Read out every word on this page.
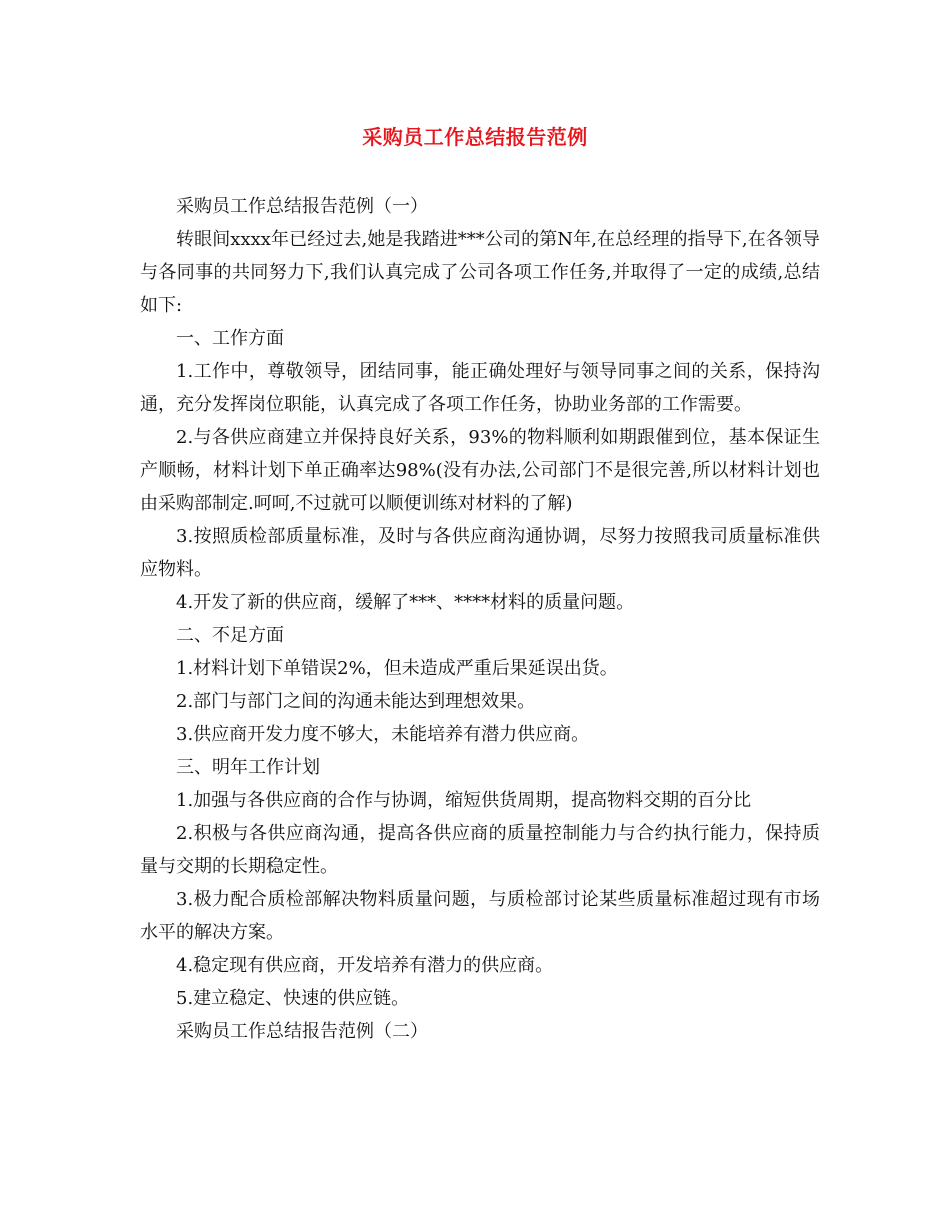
采购员工作总结报告范例

采购员工作总结报告范例（一）

转眼间xxxx年已经过去,她是我踏进***公司的第N年,在总经理的指导下,在各领导与各同事的共同努力下,我们认真完成了公司各项工作任务,并取得了一定的成绩,总结如下:

一、工作方面

1.工作中，尊敬领导，团结同事，能正确处理好与领导同事之间的关系，保持沟通，充分发挥岗位职能，认真完成了各项工作任务，协助业务部的工作需要。

2.与各供应商建立并保持良好关系，93%的物料顺利如期跟催到位，基本保证生产顺畅，材料计划下单正确率达98%(没有办法,公司部门不是很完善,所以材料计划也由采购部制定.呵呵,不过就可以顺便训练对材料的了解)

3.按照质检部质量标准，及时与各供应商沟通协调，尽努力按照我司质量标准供应物料。

4.开发了新的供应商，缓解了***、****材料的质量问题。

二、不足方面

1.材料计划下单错误2%，但未造成严重后果延误出货。

2.部门与部门之间的沟通未能达到理想效果。

3.供应商开发力度不够大，未能培养有潜力供应商。

三、明年工作计划

1.加强与各供应商的合作与协调，缩短供货周期，提高物料交期的百分比

2.积极与各供应商沟通，提高各供应商的质量控制能力与合约执行能力，保持质量与交期的长期稳定性。

3.极力配合质检部解决物料质量问题，与质检部讨论某些质量标准超过现有市场水平的解决方案。

4.稳定现有供应商，开发培养有潜力的供应商。

5.建立稳定、快速的供应链。

采购员工作总结报告范例（二）
